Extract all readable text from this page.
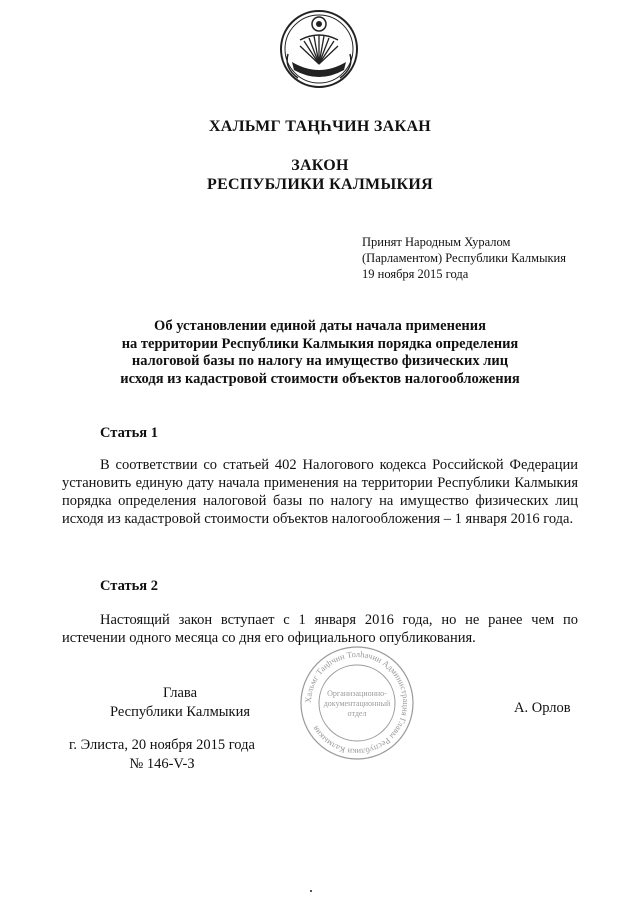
ХАЛЬМГ ТАҢҺЧИН ЗАКАН
ЗАКОН
РЕСПУБЛИКИ КАЛМЫКИЯ
Принят Народным Хуралом
(Парламентом) Республики Калмыкия
19 ноября 2015 года
Об установлении единой даты начала применения
на территории Республики Калмыкия порядка определения
налоговой базы по налогу на имущество физических лиц
исходя из кадастровой стоимости объектов налогообложения
Статья 1
В соответствии со статьей 402 Налогового кодекса Российской Федерации установить единую дату начала применения на территории Республики Калмыкия порядка определения налоговой базы по налогу на имущество физических лиц исходя из кадастровой стоимости объектов налогообложения – 1 января 2016 года.
Статья 2
Настоящий закон вступает с 1 января 2016 года, но не ранее чем по истечении одного месяца со дня его официального опубликования.
Хальмг Таңһчин Толһачин Администрация Главы Республики Калмыкия
Организационно-
документационный
отдел
Глава
Республики Калмыкия	А. Орлов
г. Элиста, 20 ноября 2015 года
№ 146-V-З
